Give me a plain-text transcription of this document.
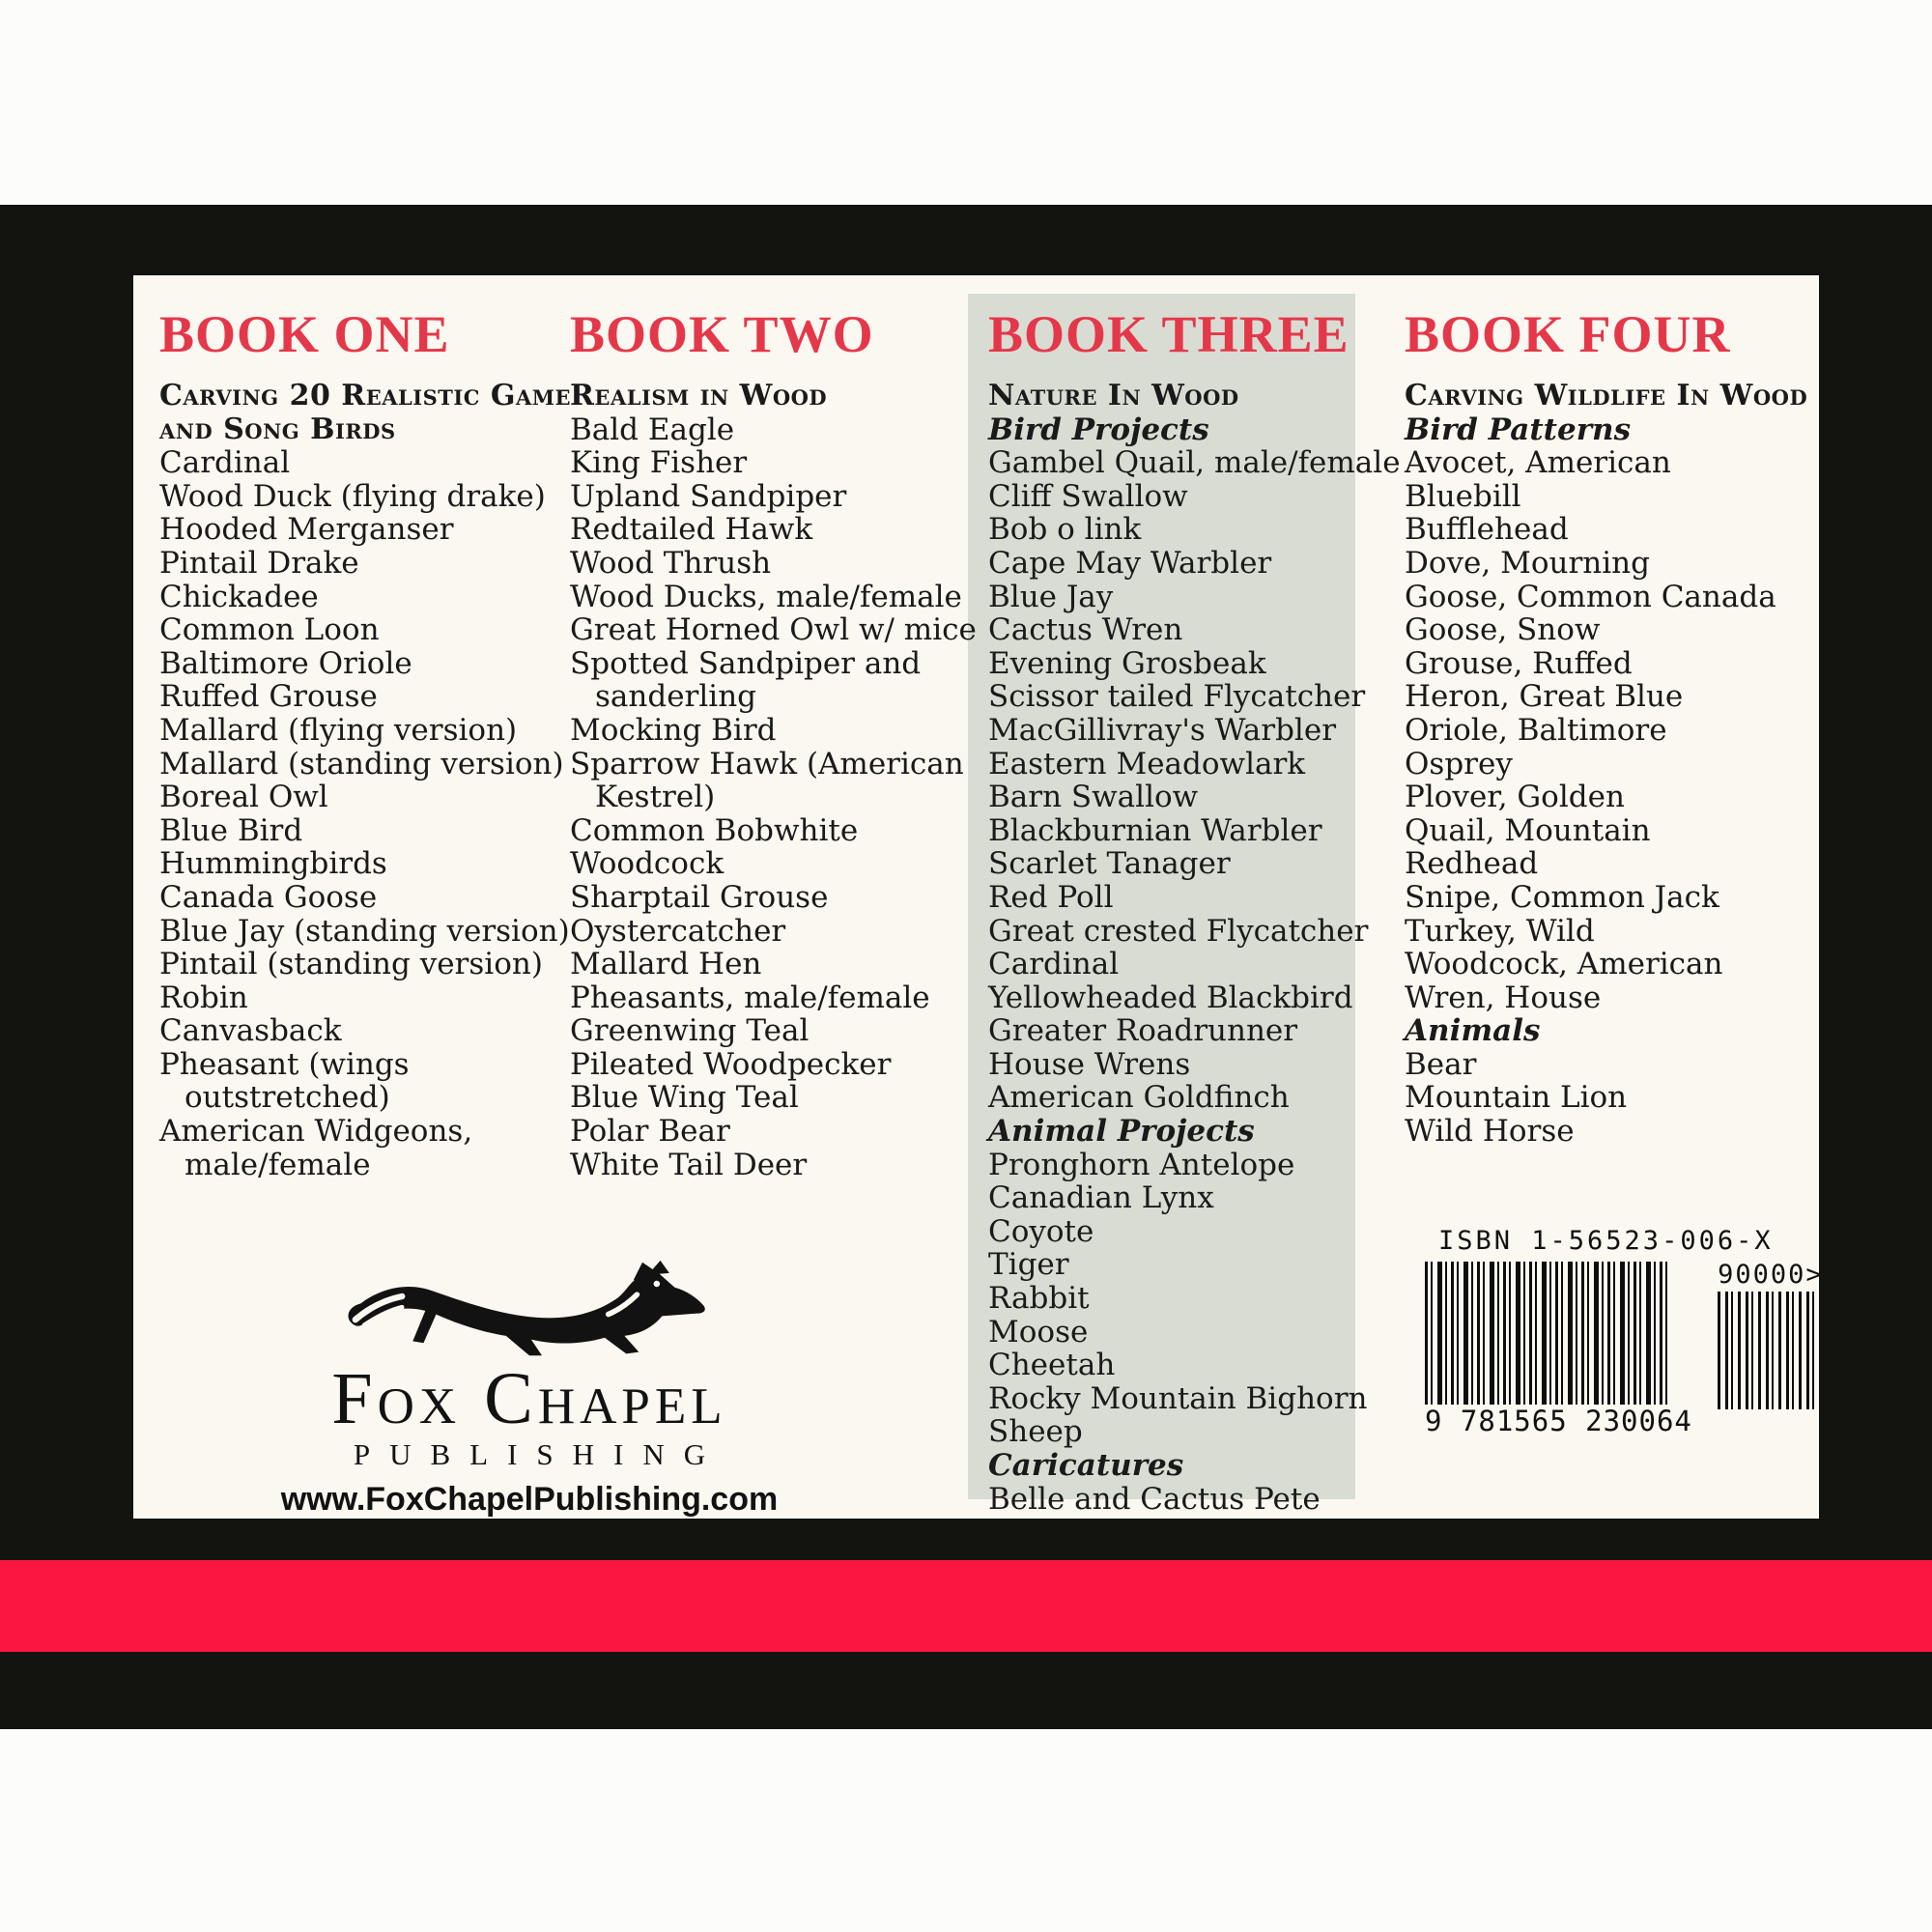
BOOK ONE
Carving 20 Realistic Game
and Song Birds
Cardinal
Wood Duck (flying drake)
Hooded Merganser
Pintail Drake
Chickadee
Common Loon
Baltimore Oriole
Ruffed Grouse
Mallard (flying version)
Mallard (standing version)
Boreal Owl
Blue Bird
Hummingbirds
Canada Goose
Blue Jay (standing version)
Pintail (standing version)
Robin
Canvasback
Pheasant (wings
outstretched)
American Widgeons,
male/female
BOOK TWO
Realism in Wood
Bald Eagle
King Fisher
Upland Sandpiper
Redtailed Hawk
Wood Thrush
Wood Ducks, male/female
Great Horned Owl w/ mice
Spotted Sandpiper and
sanderling
Mocking Bird
Sparrow Hawk (American
Kestrel)
Common Bobwhite
Woodcock
Sharptail Grouse
Oystercatcher
Mallard Hen
Pheasants, male/female
Greenwing Teal
Pileated Woodpecker
Blue Wing Teal
Polar Bear
White Tail Deer
BOOK THREE
Nature In Wood
Bird Projects
Gambel Quail, male/female
Cliff Swallow
Bob o link
Cape May Warbler
Blue Jay
Cactus Wren
Evening Grosbeak
Scissor tailed Flycatcher
MacGillivray's Warbler
Eastern Meadowlark
Barn Swallow
Blackburnian Warbler
Scarlet Tanager
Red Poll
Great crested Flycatcher
Cardinal
Yellowheaded Blackbird
Greater Roadrunner
House Wrens
American Goldfinch
Animal Projects
Pronghorn Antelope
Canadian Lynx
Coyote
Tiger
Rabbit
Moose
Cheetah
Rocky Mountain Bighorn
Sheep
Caricatures
Belle and Cactus Pete
BOOK FOUR
Carving Wildlife In Wood
Bird Patterns
Avocet, American
Bluebill
Bufflehead
Dove, Mourning
Goose, Common Canada
Goose, Snow
Grouse, Ruffed
Heron, Great Blue
Oriole, Baltimore
Osprey
Plover, Golden
Quail, Mountain
Redhead
Snipe, Common Jack
Turkey, Wild
Woodcock, American
Wren, House
Animals
Bear
Mountain Lion
Wild Horse
Fox Chapel
PUBLISHING
www.FoxChapelPublishing.com
ISBN 1-56523-006-X
9 781565 230064
90000>
